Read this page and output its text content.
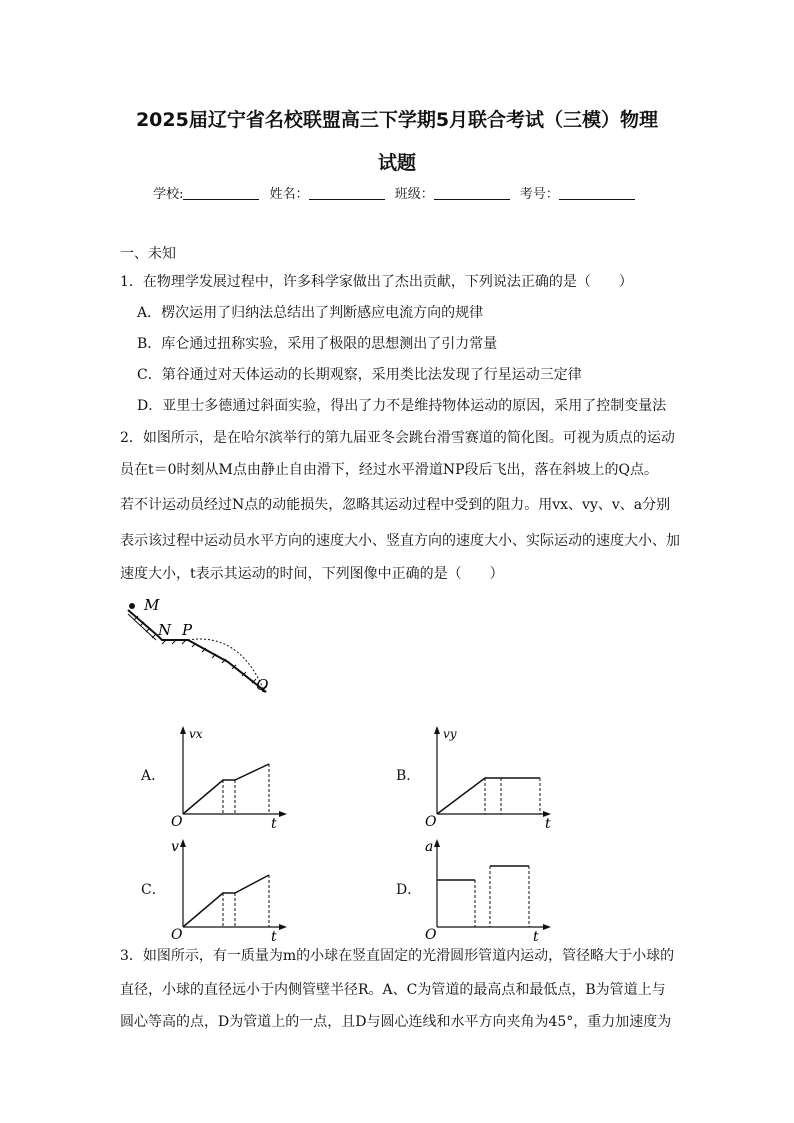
2025届辽宁省名校联盟高三下学期5月联合考试（三模）物理
试题
学校:	姓名：	班级：	考号：
一、未知
1．在物理学发展过程中，许多科学家做出了杰出贡献，下列说法正确的是（　　）
A．楞次运用了归纳法总结出了判断感应电流方向的规律
B．库仑通过扭称实验，采用了极限的思想测出了引力常量
C．第谷通过对天体运动的长期观察，采用类比法发现了行星运动三定律
D．亚里士多德通过斜面实验，得出了力不是维持物体运动的原因，采用了控制变量法
2．如图所示，是在哈尔滨举行的第九届亚冬会跳台滑雪赛道的简化图。可视为质点的运动
员在t＝0时刻从M点由静止自由滑下，经过水平滑道NP段后飞出，落在斜坡上的Q点。
若不计运动员经过N点的动能损失，忽略其运动过程中受到的阻力。用vx、vy、v、a分别
表示该过程中运动员水平方向的速度大小、竖直方向的速度大小、实际运动的速度大小、加
速度大小，t表示其运动的时间，下列图像中正确的是（　　）
M
N P
Q
A．
vx
O	t
B．
vy
O	t
C．
v
O	t
D．
a
O	t
3．如图所示，有一质量为m的小球在竖直固定的光滑圆形管道内运动，管径略大于小球的
直径，小球的直径远小于内侧管壁半径R。A、C为管道的最高点和最低点，B为管道上与
圆心等高的点，D为管道上的一点，且D与圆心连线和水平方向夹角为45°，重力加速度为
